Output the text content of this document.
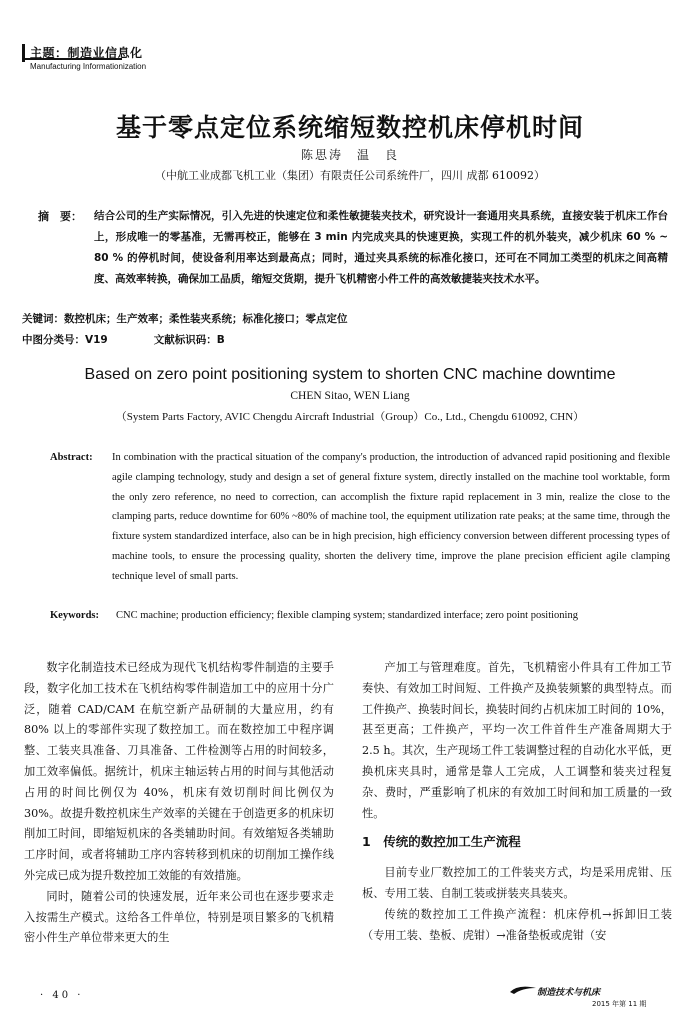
主题：制造业信息化
Manufacturing Informationization
基于零点定位系统缩短数控机床停机时间
陈思涛　温　良
（中航工业成都飞机工业（集团）有限责任公司系统件厂，四川 成都 610092）
摘　要： 结合公司的生产实际情况，引入先进的快速定位和柔性敏捷装夹技术，研究设计一套通用夹具系统，直接安装于机床工作台上，形成唯一的零基准，无需再校正，能够在 3 min 内完成夹具的快速更换，实现工件的机外装夹，减少机床 60 % ~ 80 % 的停机时间，使设备利用率达到最高点；同时，通过夹具系统的标准化接口，还可在不同加工类型的机床之间高精度、高效率转换，确保加工品质，缩短交货期，提升飞机精密小件工件的高效敏捷装夹技术水平。
关键词：数控机床；生产效率；柔性装夹系统；标准化接口；零点定位
中图分类号：V19	文献标识码：B
Based on zero point positioning system to shorten CNC machine downtime
CHEN Sitao, WEN Liang
（System Parts Factory, AVIC Chengdu Aircraft Industrial（Group）Co., Ltd., Chengdu 610092, CHN）
Abstract: In combination with the practical situation of the company's production, the introduction of advanced rapid positioning and flexible agile clamping technology, study and design a set of general fixture system, directly installed on the machine tool worktable, form the only zero reference, no need to correction, can accomplish the fixture rapid replacement in 3 min, realize the close to the clamping parts, reduce downtime for 60% ~80% of machine tool, the equipment utilization rate peaks; at the same time, through the fixture system standardized interface, also can be in high precision, high efficiency conversion between different processing types of machine tools, to ensure the processing quality, shorten the delivery time, improve the plane precision efficient agile clamping technique level of small parts.
Keywords: CNC machine; production efficiency; flexible clamping system; standardized interface; zero point positioning

数字化制造技术已经成为现代飞机结构零件制造的主要手段，数字化加工技术在飞机结构零件制造加工中的应用十分广泛，随着 CAD/CAM 在航空新产品研制的大量应用，约有 80% 以上的零部件实现了数控加工。而在数控加工中程序调整、工装夹具准备、刀具准备、工件检测等占用的时间较多，加工效率偏低。据统计，机床主轴运转占用的时间与其他活动占用的时间比例仅为 40%，机床有效切削时间比例仅为 30%。故提升数控机床生产效率的关键在于创造更多的机床切削加工时间，即缩短机床的各类辅助时间。有效缩短各类辅助工序时间，或者将辅助工序内容转移到机床的切削加工操作线外完成已成为提升数控加工效能的有效措施。

同时，随着公司的快速发展，近年来公司也在逐步要求走入按需生产模式。这给各工件单位，特别是项目繁多的飞机精密小件生产单位带来更大的生

产加工与管理难度。首先，飞机精密小件具有工件加工节奏快、有效加工时间短、工件换产及换装频繁的典型特点。而工件换产、换装时间长，换装时间约占机床加工时间的 10%，甚至更高；工件换产，平均一次工件首件生产准备周期大于 2.5 h。其次，生产现场工件工装调整过程的自动化水平低，更换机床夹具时，通常是靠人工完成，人工调整和装夹过程复杂、费时，严重影响了机床的有效加工时间和加工质量的一致性。

1　传统的数控加工生产流程

目前专业厂数控加工的工件装夹方式，均是采用虎钳、压板、专用工装、自制工装或拼装夹具装夹。

传统的数控加工工件换产流程：机床停机→拆卸旧工装（专用工装、垫板、虎钳）→准备垫板或虎钳（安

· 40 ·	制造技术与机床
2015 年第 11 期
